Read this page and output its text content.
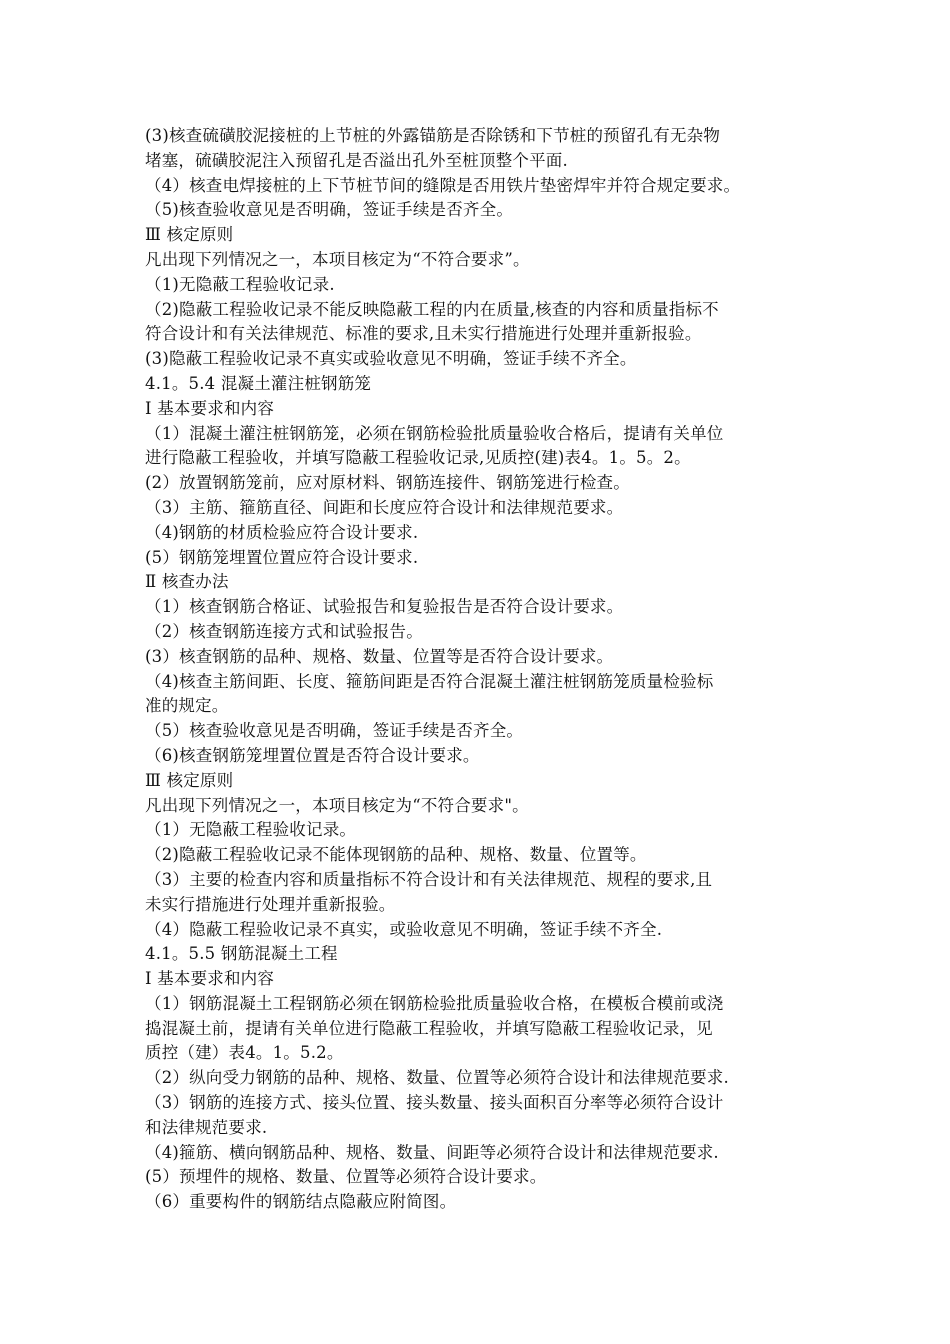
(3)核查硫磺胶泥接桩的上节桩的外露锚筋是否除锈和下节桩的预留孔有无杂物
堵塞，硫磺胶泥注入预留孔是否溢出孔外至桩顶整个平面.
（4）核查电焊接桩的上下节桩节间的缝隙是否用铁片垫密焊牢并符合规定要求。
（5)核查验收意见是否明确，签证手续是否齐全。
Ⅲ 核定原则
凡出现下列情况之一，本项目核定为“不符合要求”。
（1)无隐蔽工程验收记录.
（2)隐蔽工程验收记录不能反映隐蔽工程的内在质量,核查的内容和质量指标不
符合设计和有关法律规范、标准的要求,且未实行措施进行处理并重新报验。
(3)隐蔽工程验收记录不真实或验收意见不明确，签证手续不齐全。
4.1。5.4 混凝土灌注桩钢筋笼
Ⅰ 基本要求和内容
（1）混凝土灌注桩钢筋笼，必须在钢筋检验批质量验收合格后，提请有关单位
进行隐蔽工程验收，并填写隐蔽工程验收记录,见质控(建)表4。1。5。2。
(2）放置钢筋笼前，应对原材料、钢筋连接件、钢筋笼进行检查。
（3）主筋、箍筋直径、间距和长度应符合设计和法律规范要求。
（4)钢筋的材质检验应符合设计要求.
(5）钢筋笼埋置位置应符合设计要求.
Ⅱ 核查办法
（1）核查钢筋合格证、试验报告和复验报告是否符合设计要求。
（2）核查钢筋连接方式和试验报告。
(3）核查钢筋的品种、规格、数量、位置等是否符合设计要求。
（4)核查主筋间距、长度、箍筋间距是否符合混凝土灌注桩钢筋笼质量检验标
准的规定。
（5）核查验收意见是否明确，签证手续是否齐全。
（6)核查钢筋笼埋置位置是否符合设计要求。
Ⅲ 核定原则
凡出现下列情况之一，本项目核定为“不符合要求"。
（1）无隐蔽工程验收记录。
（2)隐蔽工程验收记录不能体现钢筋的品种、规格、数量、位置等。
（3）主要的检查内容和质量指标不符合设计和有关法律规范、规程的要求,且
未实行措施进行处理并重新报验。
（4）隐蔽工程验收记录不真实，或验收意见不明确，签证手续不齐全.
4.1。5.5 钢筋混凝土工程
Ⅰ 基本要求和内容
（1）钢筋混凝土工程钢筋必须在钢筋检验批质量验收合格，在模板合模前或浇
捣混凝土前，提请有关单位进行隐蔽工程验收，并填写隐蔽工程验收记录，见
质控（建）表4。1。5.2。
（2）纵向受力钢筋的品种、规格、数量、位置等必须符合设计和法律规范要求.
（3）钢筋的连接方式、接头位置、接头数量、接头面积百分率等必须符合设计
和法律规范要求.
（4)箍筋、横向钢筋品种、规格、数量、间距等必须符合设计和法律规范要求.
(5）预埋件的规格、数量、位置等必须符合设计要求。
（6）重要构件的钢筋结点隐蔽应附简图。
